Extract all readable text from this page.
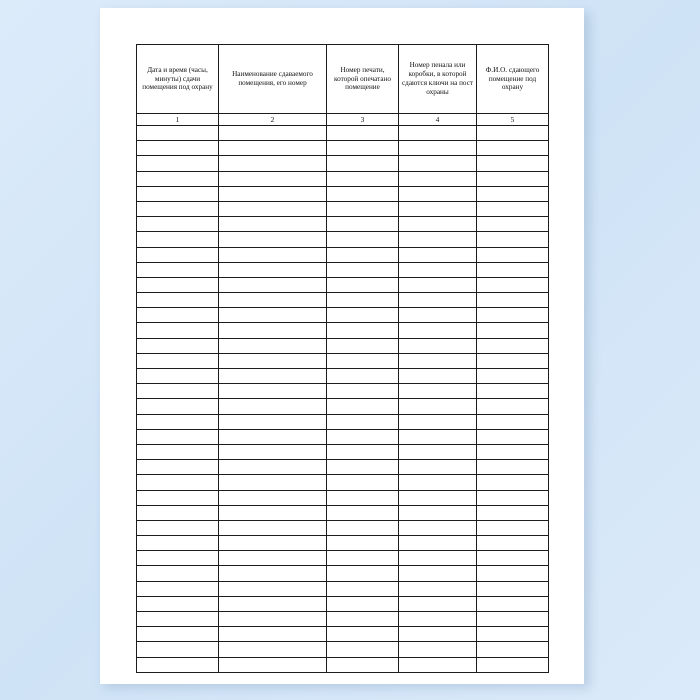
Дата и время (часы, минуты) сдачи помещения под охрану	Наименование сдаваемого помещения, его номер	Номер печати, которой опечатано помещение	Номер пенала или коробки, в которой сдаются ключи на пост охраны	Ф.И.О. сдающего помещение под охрану
1	2	3	4	5
